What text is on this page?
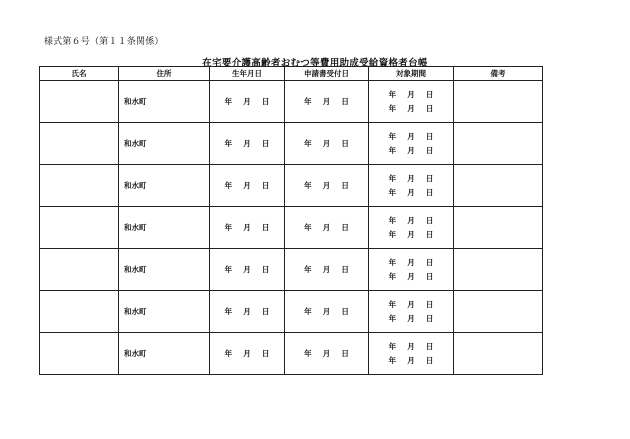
様式第６号（第１１条関係）
在宅要介護高齢者おむつ等費用助成受給資格者台帳
氏名	住所	生年月日	申請書受付日	対象期間	備考
	和水町	年 月 日	年 月 日	年 月 日
年 月 日	

	和水町	年 月 日	年 月 日	年 月 日
年 月 日	

	和水町	年 月 日	年 月 日	年 月 日
年 月 日	

	和水町	年 月 日	年 月 日	年 月 日
年 月 日	

	和水町	年 月 日	年 月 日	年 月 日
年 月 日	

	和水町	年 月 日	年 月 日	年 月 日
年 月 日	

	和水町	年 月 日	年 月 日	年 月 日
年 月 日	
